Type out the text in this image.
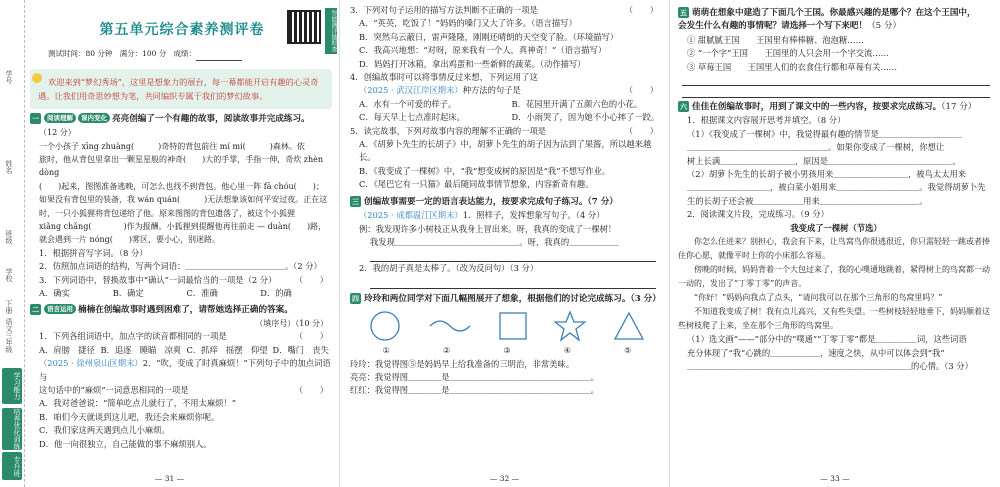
学号
姓名
班级
学校
下册
语文三年级
学习能力
培养优化训练
专升班
智能测评随时查
第五单元综合素养测评卷
测试时间：80 分钟 满分：100 分 成绩：
欢迎来到“梦幻秀场”，这里是想象力的展台，每一幕都能开启有趣的心灵奇遇。让我们用奇思妙想为笔，共同编织专属于我们的梦幻故事。
一 阅读理解 课内变化 亮亮创编了一个有趣的故事，阅读故事并完成练习。
（12 分）
一个小孩子 xīng zhuàng(　　　)奇特的背包前往 mí mí(　　　)森林。依
旅时，他从背包里拿出一颗星星般的神奇(　　)大的手掌，手指一伸，奇炊 zhèn dòng
(　　)起来，图图准备逃晚，可怎么也找不到背包。他心里一阵 fā chóu(　　)；
如果没有背包里的装备，我 wán quán(　　　)无法想象该如何平安过夜。正在这
时，一只小狐狸将背包递给了他。原来图图的背包遗落了，被这个小狐狸
xiǎng chǎng(　　　　)作为报酬。小狐狸到提醒他再往前走 — duàn(　　)路，
就会遇到一片 nóng(　　)雾区，要小心，别迷路。
1．根据拼音写字词。（8 分）
2．仿照加点词语的结构，写两个词语：＿＿＿＿＿＿＿＿＿＿＿＿。（2 分）
3．下列词语中，替换故事中“确认”一词最恰当的一项是（2 分） （　　）
A．确实	B．确定	C．准确	D．的确
二 语言运用 楠楠在创编故事时遇到困难了，请帮她选择正确的答案。
（填序号）（10 分）
1．下列各组词语中，加点字的读音都相同的一项是	（　　）
A．肩膀　捷径 B．追逐　睡瞄　凉爽 C．抓痒　摇摆　仰望 D．嘴门　丧失
（2025 · 徐州泉山区期末）2．“吹，变成了时真麻烦！”下列句子中的加点词语与
这句话中的“麻烦”一词意思相同的一项是	（　　）
A．我对爸爸说：“简单吃点儿就行了，不用太麻烦！”
B．咱们今天就谈到这儿吧，我还会来麻烦你呢。
C．我们家这两天遇到点儿小麻烦。
D．他一向很独立，自己能做的事不麻烦别人。
— 31 —
3．下列对句子运用的描写方法判断不正确的一项是	（　　）
A．“英英，吃饭了！”妈妈的嗓门又大了许多。（语言描写）
B．突然乌云蔽日，雷声隆隆，刚刚还晴朗的天空变了脸。（环境描写）
C．我高兴地想：“对呀，原来我有一个人，真神奇！”（语言描写）
D．妈妈打开冰箱，拿出鸡蛋和一些新鲜的蔬菜。（动作描写）
4．创编故事时可以将事情反过来想，下列运用了这
（2025 · 武汉江岸区期末）种方法的句子是	（　　）
A．水有一个可爱的样子。	B．花园里开满了五颜六色的小花。
C．每天早上七点准时起床。	D．小雨哭了，因为她不小心摔了一跤。
5．读完故事，下列对故事内容的理解不正确的一项是	（　　）
A．《胡萝卜先生的长胡子》中，胡萝卜先生的胡子因为沾到了果酱，所以越来越长。
B．《我变成了一棵树》中，“我”想变成树的原因是“我”不想写作业。
C．《尾巴它有一只猫》最后随同故事情节想象，内容新奇有趣。
三 创编故事需要一定的语言表达能力，按要求完成句子练习。（7 分）
（2025 · 成都温江区期末）1．照样子，发挥想象写句子。（4 分）
例：我发现许多小树枝正从我身上冒出来。呀，我真的变成了一棵树！
我发现＿＿＿＿＿＿＿＿＿＿＿＿＿＿＿。呀，我真的＿＿＿＿＿＿
2．我的胡子真是太棒了。（改为反问句）（3 分）
四 玲玲和两位同学对下面几幅图展开了想象，根据他们的讨论完成练习。（3 分）
①	②	③	④	⑤
玲玲：我觉得图⑤是妈妈早上给我准备的三明治，非常美味。
亮亮：我觉得图＿＿＿＿是＿＿＿＿＿＿＿＿＿＿＿＿＿＿＿＿＿。
红红：我觉得图＿＿＿＿是＿＿＿＿＿＿＿＿＿＿＿＿＿＿＿＿＿。
— 32 —
五 萌萌在想象中建造了下面几个王国。你最感兴趣的是哪个？在这个王国中，
会发生什么有趣的事情呢？请选择一个写下来吧！（5 分）
① 甜腻腻王国　　王国里有棒棒糖、泡泡糖……
② “一个字”王国　　王国里的人只会用一个字交流……
③ 草莓王国　　王国里人们的衣食住行都和草莓有关……
六 佳佳在创编故事时，用到了课文中的一些内容，按要求完成练习。（17 分）
1．根据课文内容展开思考并填空。（8 分）
（1）《我变成了一棵树》中，我觉得最有趣的情节是＿＿＿＿＿＿＿＿＿＿
＿＿＿＿＿＿＿＿＿＿＿＿＿＿＿＿＿。如果你变成了一棵树，你想让
树上长满＿＿＿＿＿＿＿＿＿，原因是＿＿＿＿＿＿＿＿＿＿＿＿＿＿＿。
（2）胡萝卜先生的长胡子被小男孩用来＿＿＿＿＿＿＿＿＿，被鸟太太用来
＿＿＿＿＿＿＿＿＿＿，被白菜小姐用来＿＿＿＿＿＿＿＿＿＿。我觉得胡萝卜先
生的长胡子还会被＿＿＿＿＿＿用来＿＿＿＿＿＿＿＿＿＿＿＿。
2．阅读课文片段，完成练习。（9 分）
我变成了一棵树（节选）
你怎么住进来？别担心，我会有下来，让鸟窝鸟你很逃很近，你只需轻轻一跳或者捧住你心愿，就像平时上你的小床那么容易。
傍晚的时候，妈妈背着一个大包过来了，我的心噗通地跳着，紧得树上的鸟窝都一动一动的，发出了“丁零丁零”的声音。
“你好！”妈妈向我点了点头，“请问我可以在那个三角形的鸟窝里吗？”
不知道我变成了树！我有点儿高兴，又有些失望。一些树枝轻轻地垂下，妈妈顺着这些树枝爬了上来，坐在那个三角形的鸟窝里。
（1）选文画“——”部分中的“噗通”“丁零丁零”都是＿＿＿＿＿词，这些词语
充分体现了“我”心跳的＿＿＿＿＿＿，速度之快，从中可以体会到“我”
＿＿＿＿＿＿＿＿＿＿＿＿＿＿＿＿＿＿＿＿＿＿＿＿＿＿＿的心情。（3 分）
— 33 —
